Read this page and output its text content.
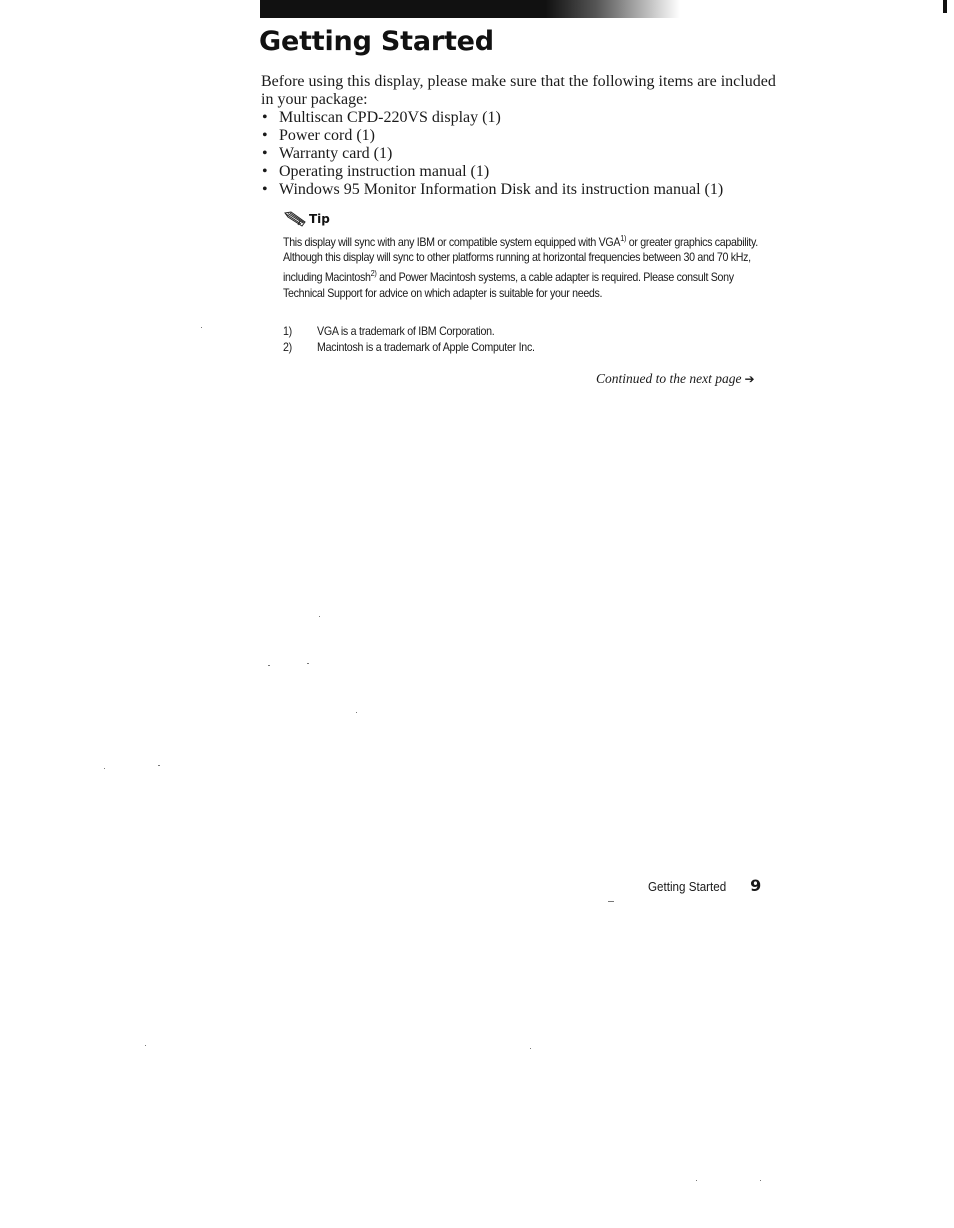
Getting Started

Before using this display, please make sure that the following items are included in your package:

• Multiscan CPD-220VS display (1)
• Power cord (1)
• Warranty card (1)
• Operating instruction manual (1)
• Windows 95 Monitor Information Disk and its instruction manual (1)
Tip

This display will sync with any IBM or compatible system equipped with VGA$^{1)}$ or greater graphics capability. Although this display will sync to other platforms running at horizontal frequencies between 30 and 70 kHz, including Macintosh$^{2)}$ and Power Macintosh systems, a cable adapter is required. Please consult Sony Technical Support for advice on which adapter is suitable for your needs.

1) VGA is a trademark of IBM Corporation.
2) Macintosh is a trademark of Apple Computer Inc.
Continued to the next page ➔
Getting Started 9
